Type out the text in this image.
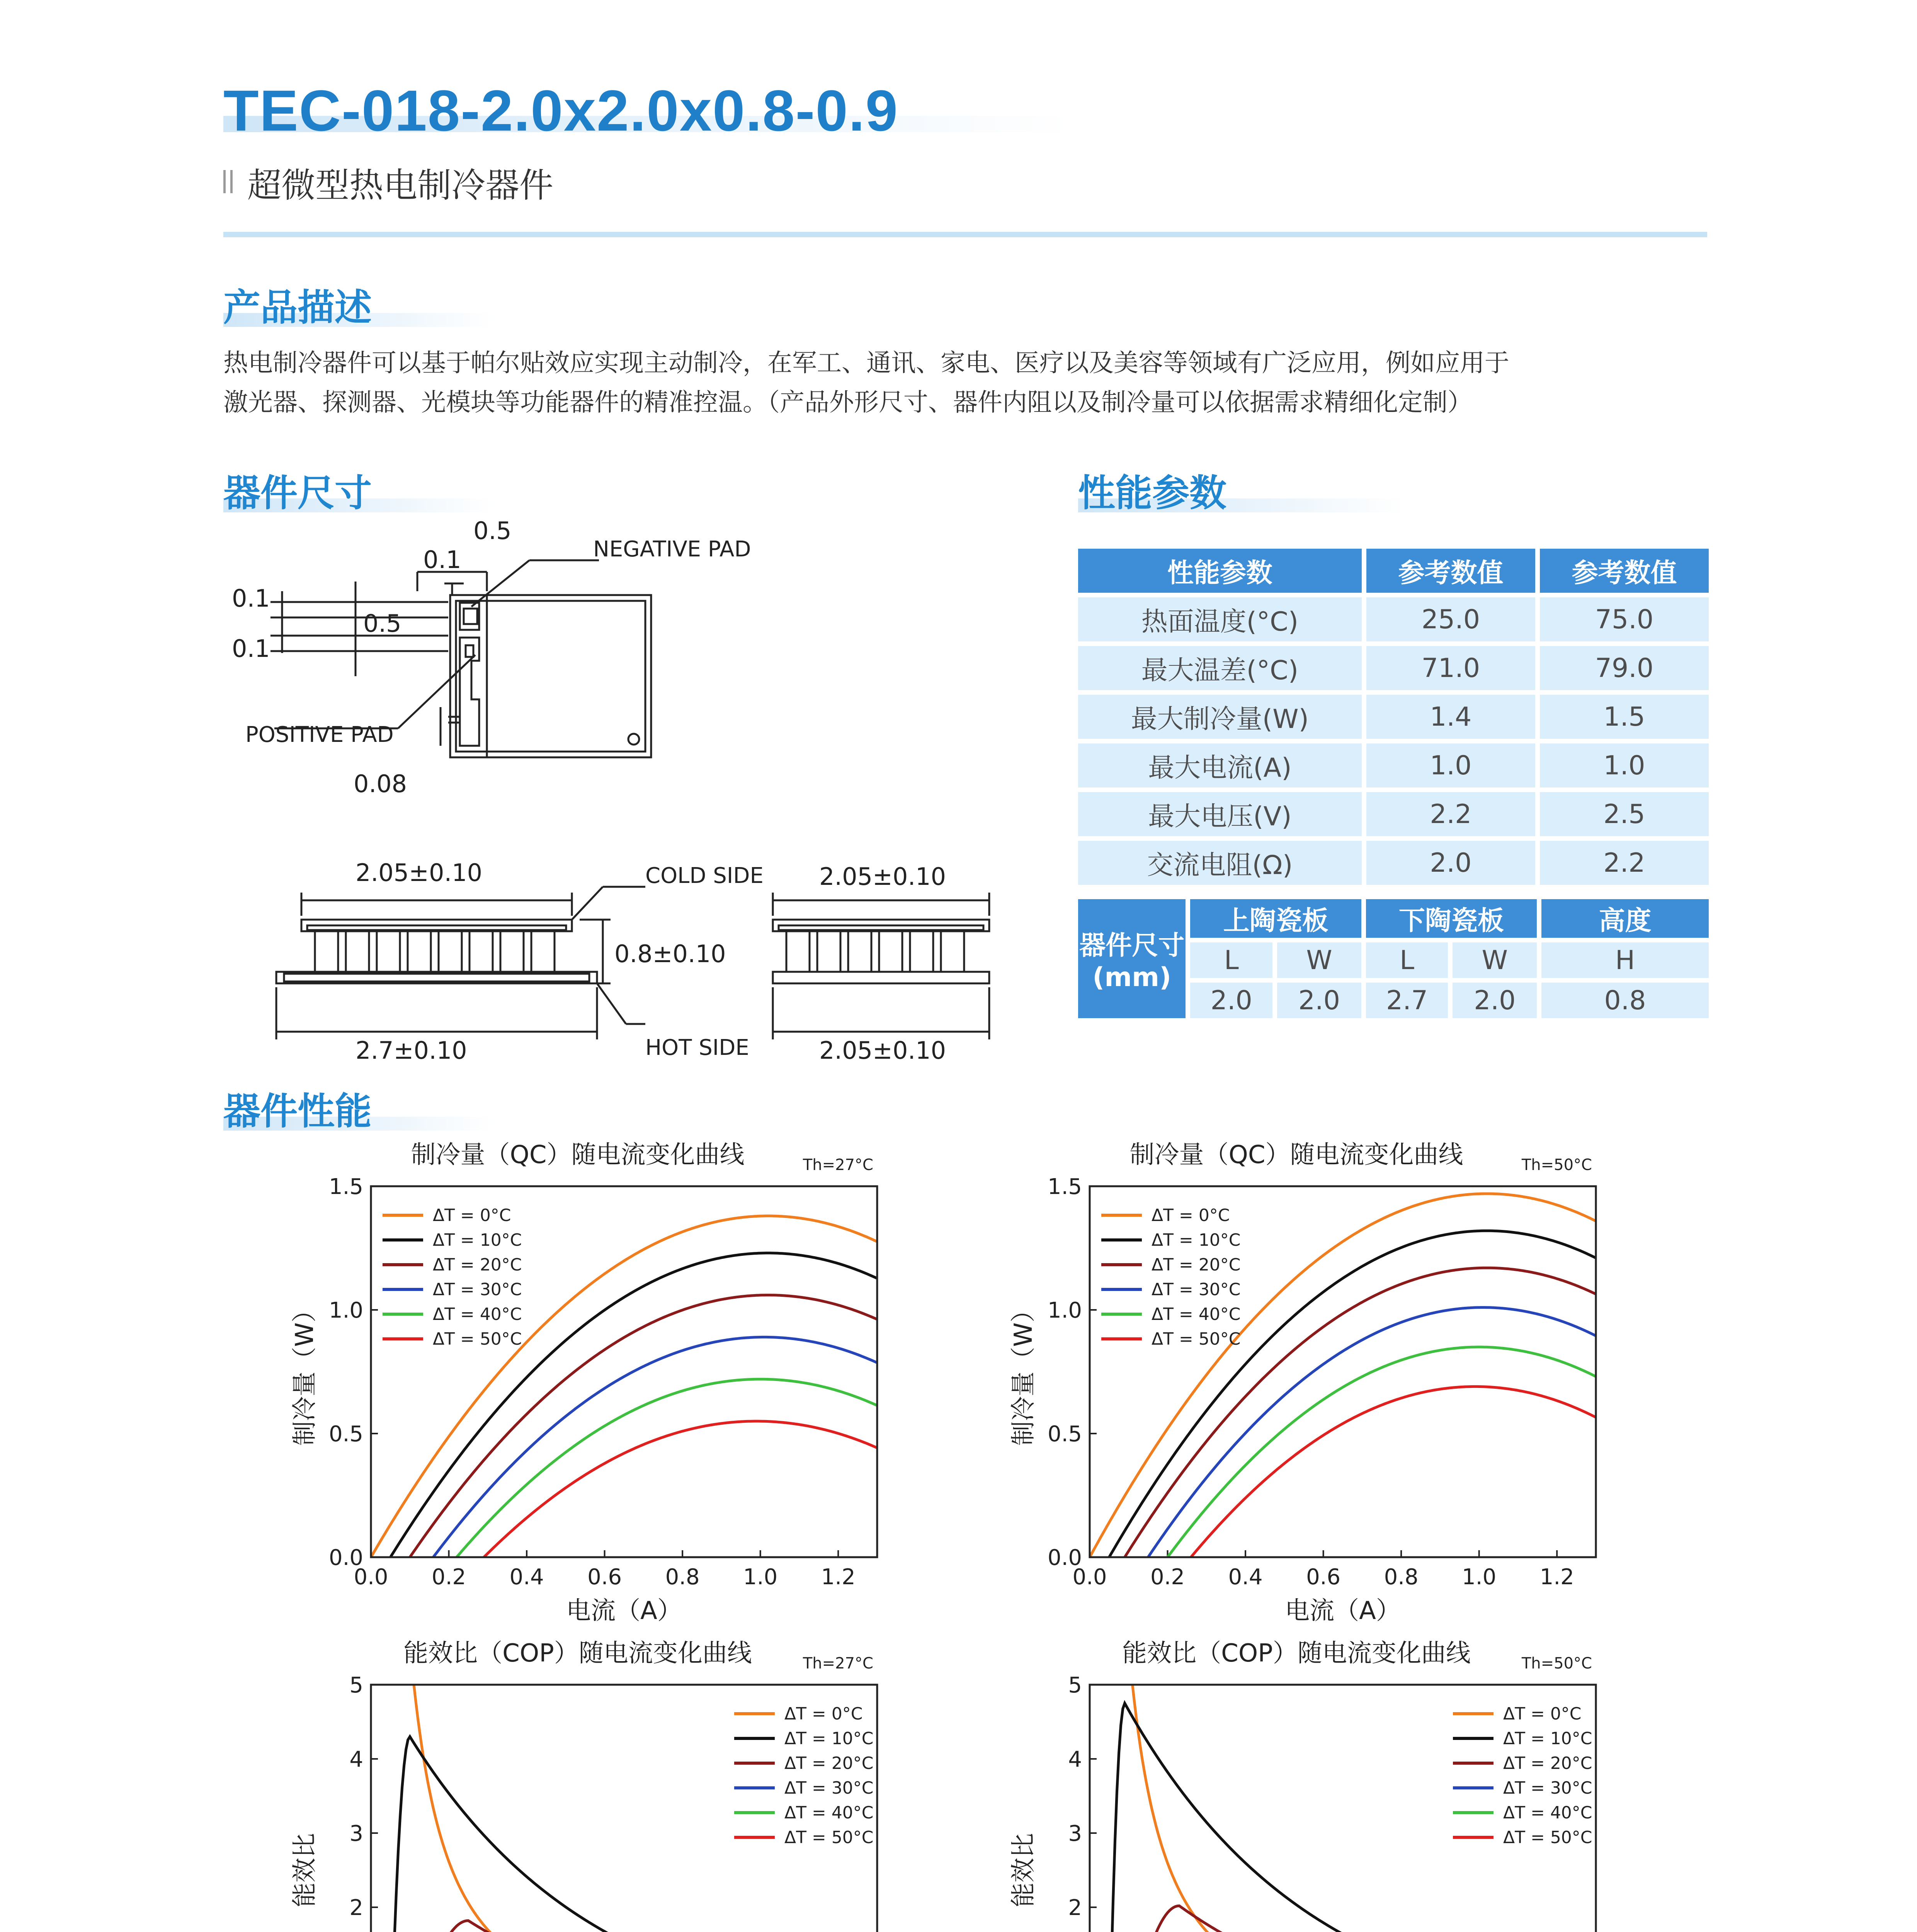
TEC-018-2.0x2.0x0.8-0.9
超微型热电制冷器件
产品描述
热电制冷器件可以基于帕尔贴效应实现主动制冷，在军工、通讯、家电、医疗以及美容等领域有广泛应用，例如应用于
激光器、探测器、光模块等功能器件的精准控温。（产品外形尺寸、器件内阻以及制冷量可以依据需求精细化定制）
器件尺寸
2.05±0.10	COLD SIDE
0.8±0.10
2.7±0.10	HOT SIDE
2.05±0.10
2.05±0.10
0.5
0.1
0.1
0.5
0.1
0.08
NEGATIVE PAD
POSITIVE PAD
性能参数
性能参数	参考数值	参考数值
热面温度(°C)	25.0	75.0
最大温差(°C)	71.0	79.0
最大制冷量(W)	1.4	1.5
最大电流(A)	1.0	1.0
最大电压(V)	2.2	2.5
交流电阻(Ω)	2.0	2.2
器件尺寸
(mm)	上陶瓷板		下陶瓷板		高度
	L	W	L	W	H
	2.0	2.0	2.7	2.0	0.8
器件性能
制冷量（QC）随电流变化曲线	Th=27°C
0.0 0.2 0.4 0.6 0.8 1.0 1.2
0.0
0.5
1.0
1.5
电流（A）
制冷量（W）
ΔT = 0°C
ΔT = 10°C
ΔT = 20°C
ΔT = 30°C
ΔT = 40°C
ΔT = 50°C
制冷量（QC）随电流变化曲线	Th=50°C
0.0 0.2 0.4 0.6 0.8 1.0 1.2
0.0
0.5
1.0
1.5
电流（A）
制冷量（W）
ΔT = 0°C
ΔT = 10°C
ΔT = 20°C
ΔT = 30°C
ΔT = 40°C
ΔT = 50°C
能效比（COP）随电流变化曲线	Th=27°C
2
3
4
5
能效比
ΔT = 0°C
ΔT = 10°C
ΔT = 20°C
ΔT = 30°C
ΔT = 40°C
ΔT = 50°C
能效比（COP）随电流变化曲线	Th=50°C
2
3
4
5
能效比
ΔT = 0°C
ΔT = 10°C
ΔT = 20°C
ΔT = 30°C
ΔT = 40°C
ΔT = 50°C
